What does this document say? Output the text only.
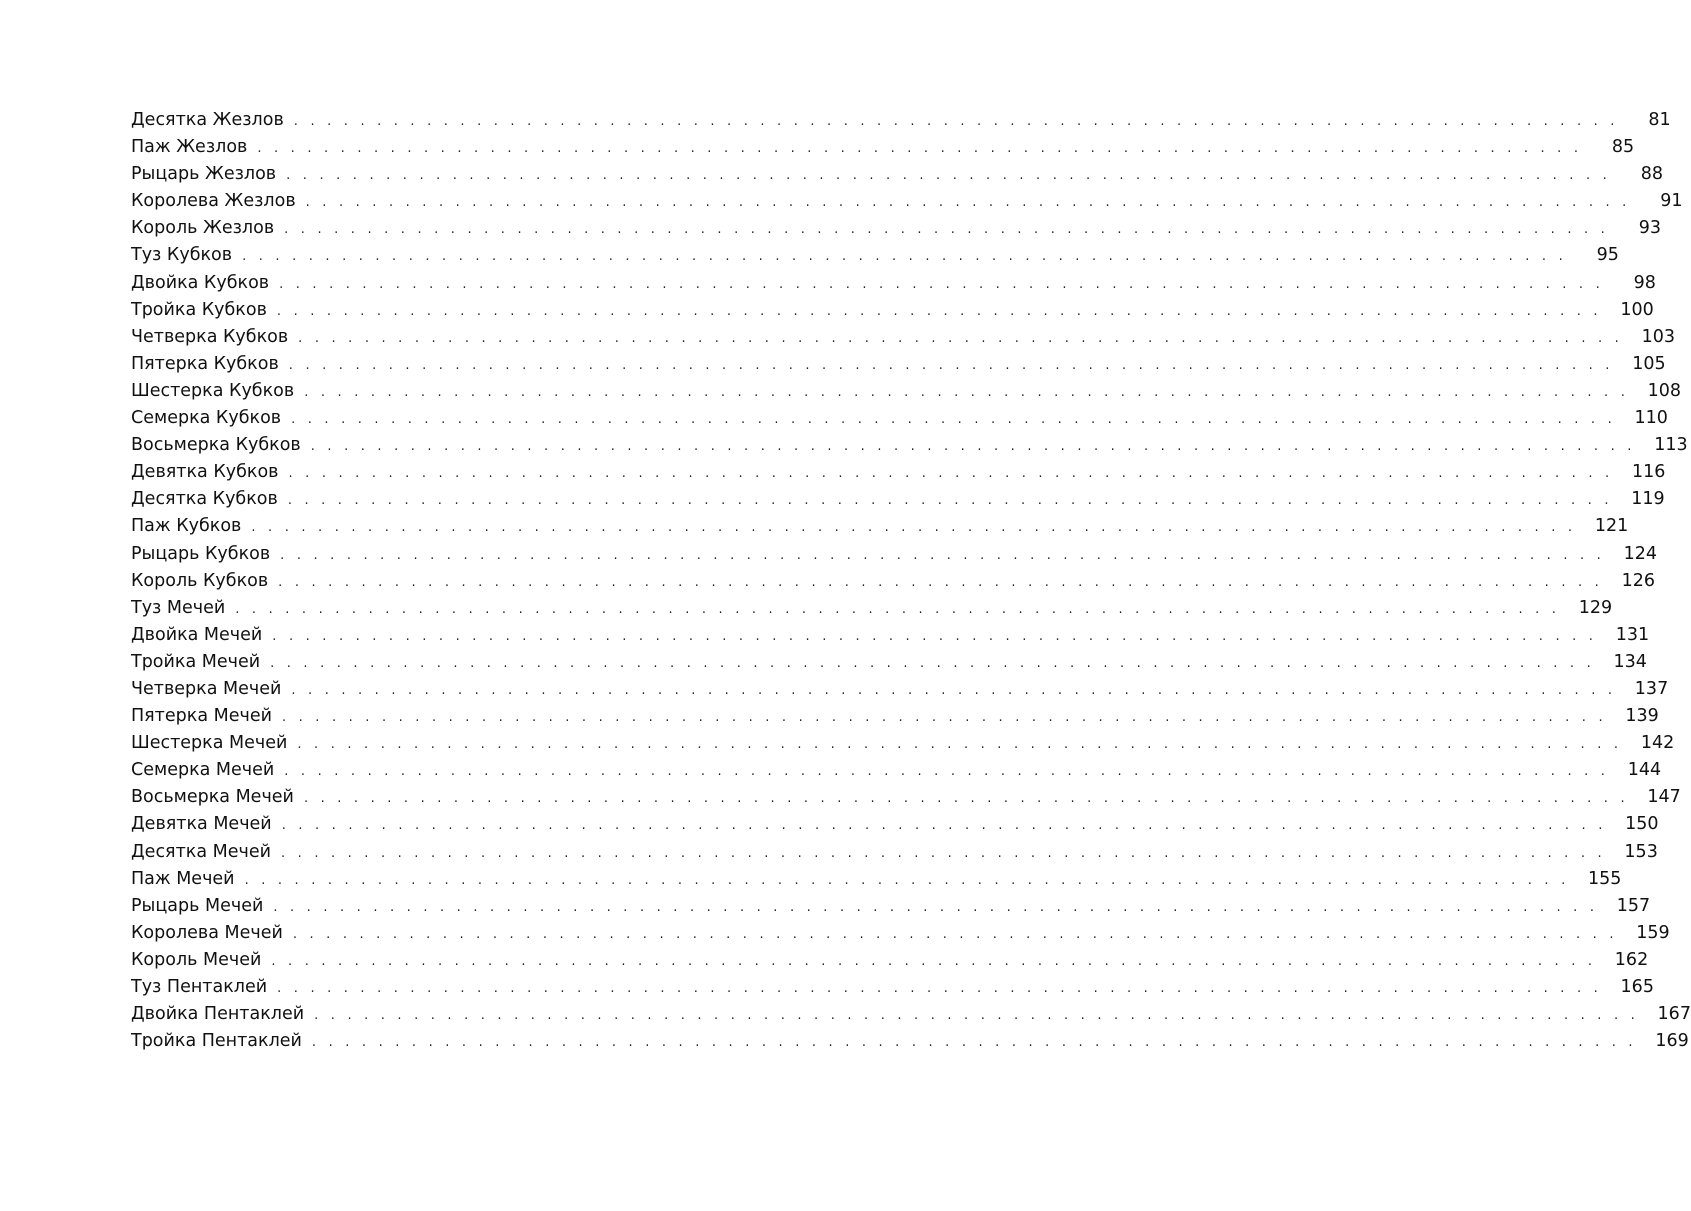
Десятка Жезлов . . . . . . . . . . . . . . . . . . . . . . . . . . . . . . . . . . . . . . . . . . . . . . . . . . . . . . . . . . . . . . . . . . . . . . . . . . . . . . . .	81
Паж Жезлов . . . . . . . . . . . . . . . . . . . . . . . . . . . . . . . . . . . . . . . . . . . . . . . . . . . . . . . . . . . . . . . . . . . . . . . . . . . . . . . .	85
Рыцарь Жезлов . . . . . . . . . . . . . . . . . . . . . . . . . . . . . . . . . . . . . . . . . . . . . . . . . . . . . . . . . . . . . . . . . . . . . . . . . . . . . . . .	88
Королева Жезлов . . . . . . . . . . . . . . . . . . . . . . . . . . . . . . . . . . . . . . . . . . . . . . . . . . . . . . . . . . . . . . . . . . . . . . . . . . . . . . . .	91
Король Жезлов . . . . . . . . . . . . . . . . . . . . . . . . . . . . . . . . . . . . . . . . . . . . . . . . . . . . . . . . . . . . . . . . . . . . . . . . . . . . . . . .	93
Туз Кубков . . . . . . . . . . . . . . . . . . . . . . . . . . . . . . . . . . . . . . . . . . . . . . . . . . . . . . . . . . . . . . . . . . . . . . . . . . . . . . . .	95
Двойка Кубков . . . . . . . . . . . . . . . . . . . . . . . . . . . . . . . . . . . . . . . . . . . . . . . . . . . . . . . . . . . . . . . . . . . . . . . . . . . . . . . .	98
Тройка Кубков . . . . . . . . . . . . . . . . . . . . . . . . . . . . . . . . . . . . . . . . . . . . . . . . . . . . . . . . . . . . . . . . . . . . . . . . . . . . . . . .	100
Четверка Кубков . . . . . . . . . . . . . . . . . . . . . . . . . . . . . . . . . . . . . . . . . . . . . . . . . . . . . . . . . . . . . . . . . . . . . . . . . . . . . . . .	103
Пятерка Кубков . . . . . . . . . . . . . . . . . . . . . . . . . . . . . . . . . . . . . . . . . . . . . . . . . . . . . . . . . . . . . . . . . . . . . . . . . . . . . . . .	105
Шестерка Кубков . . . . . . . . . . . . . . . . . . . . . . . . . . . . . . . . . . . . . . . . . . . . . . . . . . . . . . . . . . . . . . . . . . . . . . . . . . . . . . . .	108
Семерка Кубков . . . . . . . . . . . . . . . . . . . . . . . . . . . . . . . . . . . . . . . . . . . . . . . . . . . . . . . . . . . . . . . . . . . . . . . . . . . . . . . .	110
Восьмерка Кубков . . . . . . . . . . . . . . . . . . . . . . . . . . . . . . . . . . . . . . . . . . . . . . . . . . . . . . . . . . . . . . . . . . . . . . . . . . . . . . . .	113
Девятка Кубков . . . . . . . . . . . . . . . . . . . . . . . . . . . . . . . . . . . . . . . . . . . . . . . . . . . . . . . . . . . . . . . . . . . . . . . . . . . . . . . .	116
Десятка Кубков . . . . . . . . . . . . . . . . . . . . . . . . . . . . . . . . . . . . . . . . . . . . . . . . . . . . . . . . . . . . . . . . . . . . . . . . . . . . . . . .	119
Паж Кубков . . . . . . . . . . . . . . . . . . . . . . . . . . . . . . . . . . . . . . . . . . . . . . . . . . . . . . . . . . . . . . . . . . . . . . . . . . . . . . . .	121
Рыцарь Кубков . . . . . . . . . . . . . . . . . . . . . . . . . . . . . . . . . . . . . . . . . . . . . . . . . . . . . . . . . . . . . . . . . . . . . . . . . . . . . . . .	124
Король Кубков . . . . . . . . . . . . . . . . . . . . . . . . . . . . . . . . . . . . . . . . . . . . . . . . . . . . . . . . . . . . . . . . . . . . . . . . . . . . . . . .	126
Туз Мечей . . . . . . . . . . . . . . . . . . . . . . . . . . . . . . . . . . . . . . . . . . . . . . . . . . . . . . . . . . . . . . . . . . . . . . . . . . . . . . . .	129
Двойка Мечей . . . . . . . . . . . . . . . . . . . . . . . . . . . . . . . . . . . . . . . . . . . . . . . . . . . . . . . . . . . . . . . . . . . . . . . . . . . . . . . .	131
Тройка Мечей . . . . . . . . . . . . . . . . . . . . . . . . . . . . . . . . . . . . . . . . . . . . . . . . . . . . . . . . . . . . . . . . . . . . . . . . . . . . . . . .	134
Четверка Мечей . . . . . . . . . . . . . . . . . . . . . . . . . . . . . . . . . . . . . . . . . . . . . . . . . . . . . . . . . . . . . . . . . . . . . . . . . . . . . . . .	137
Пятерка Мечей . . . . . . . . . . . . . . . . . . . . . . . . . . . . . . . . . . . . . . . . . . . . . . . . . . . . . . . . . . . . . . . . . . . . . . . . . . . . . . . .	139
Шестерка Мечей . . . . . . . . . . . . . . . . . . . . . . . . . . . . . . . . . . . . . . . . . . . . . . . . . . . . . . . . . . . . . . . . . . . . . . . . . . . . . . . .	142
Семерка Мечей . . . . . . . . . . . . . . . . . . . . . . . . . . . . . . . . . . . . . . . . . . . . . . . . . . . . . . . . . . . . . . . . . . . . . . . . . . . . . . . .	144
Восьмерка Мечей . . . . . . . . . . . . . . . . . . . . . . . . . . . . . . . . . . . . . . . . . . . . . . . . . . . . . . . . . . . . . . . . . . . . . . . . . . . . . . . .	147
Девятка Мечей . . . . . . . . . . . . . . . . . . . . . . . . . . . . . . . . . . . . . . . . . . . . . . . . . . . . . . . . . . . . . . . . . . . . . . . . . . . . . . . .	150
Десятка Мечей . . . . . . . . . . . . . . . . . . . . . . . . . . . . . . . . . . . . . . . . . . . . . . . . . . . . . . . . . . . . . . . . . . . . . . . . . . . . . . . .	153
Паж Мечей . . . . . . . . . . . . . . . . . . . . . . . . . . . . . . . . . . . . . . . . . . . . . . . . . . . . . . . . . . . . . . . . . . . . . . . . . . . . . . . .	155
Рыцарь Мечей . . . . . . . . . . . . . . . . . . . . . . . . . . . . . . . . . . . . . . . . . . . . . . . . . . . . . . . . . . . . . . . . . . . . . . . . . . . . . . . .	157
Королева Мечей . . . . . . . . . . . . . . . . . . . . . . . . . . . . . . . . . . . . . . . . . . . . . . . . . . . . . . . . . . . . . . . . . . . . . . . . . . . . . . . .	159
Король Мечей . . . . . . . . . . . . . . . . . . . . . . . . . . . . . . . . . . . . . . . . . . . . . . . . . . . . . . . . . . . . . . . . . . . . . . . . . . . . . . . .	162
Туз Пентаклей . . . . . . . . . . . . . . . . . . . . . . . . . . . . . . . . . . . . . . . . . . . . . . . . . . . . . . . . . . . . . . . . . . . . . . . . . . . . . . . .	165
Двойка Пентаклей . . . . . . . . . . . . . . . . . . . . . . . . . . . . . . . . . . . . . . . . . . . . . . . . . . . . . . . . . . . . . . . . . . . . . . . . . . . . . . . .	167
Тройка Пентаклей . . . . . . . . . . . . . . . . . . . . . . . . . . . . . . . . . . . . . . . . . . . . . . . . . . . . . . . . . . . . . . . . . . . . . . . . . . . . . . . .	169
